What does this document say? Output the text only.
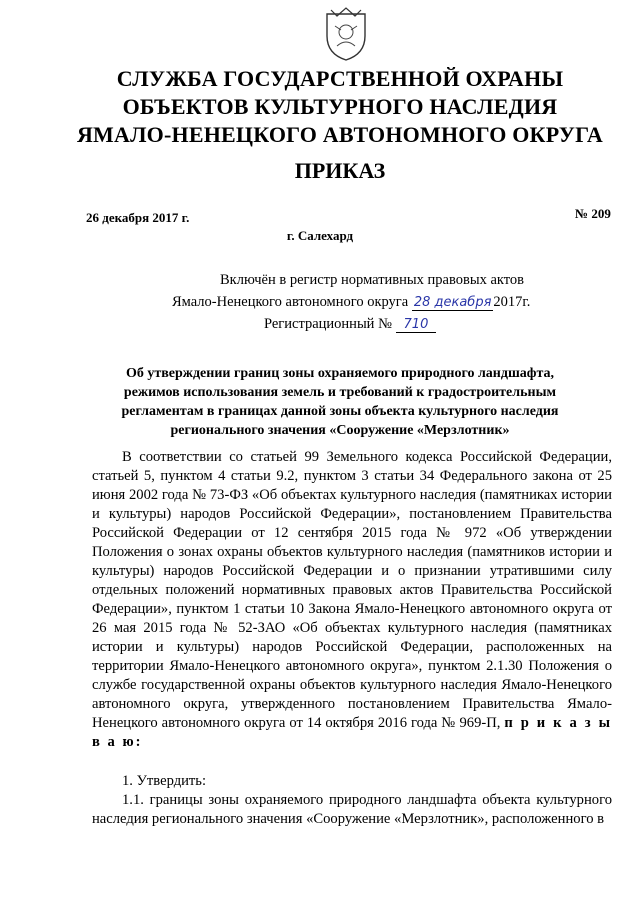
СЛУЖБА ГОСУДАРСТВЕННОЙ ОХРАНЫ
ОБЪЕКТОВ КУЛЬТУРНОГО НАСЛЕДИЯ
ЯМАЛО-НЕНЕЦКОГО АВТОНОМНОГО ОКРУГА
ПРИКАЗ
26 декабря 2017 г.	№ 209
г. Салехард
Включён в регистр нормативных правовых актов
Ямало-Ненецкого автономного округа 28 декабря 2017г.
Регистрационный № 710
Об утверждении границ зоны охраняемого природного ландшафта,
режимов использования земель и требований к градостроительным
регламентам в границах данной зоны объекта культурного наследия
регионального значения «Сооружение «Мерзлотник»

В соответствии со статьей 99 Земельного кодекса Российской Федерации, статьей 5, пунктом 4 статьи 9.2, пунктом 3 статьи 34 Федерального закона от 25 июня 2002 года № 73-ФЗ «Об объектах культурного наследия (памятниках истории и культуры) народов Российской Федерации», постановлением Правительства Российской Федерации от 12 сентября 2015 года № 972 «Об утверждении Положения о зонах охраны объектов культурного наследия (памятников истории и культуры) народов Российской Федерации и о признании утратившими силу отдельных положений нормативных правовых актов Правительства Российской Федерации», пунктом 1 статьи 10 Закона Ямало-Ненецкого автономного округа от 26 мая 2015 года № 52-ЗАО «Об объектах культурного наследия (памятниках истории и культуры) народов Российской Федерации, расположенных на территории Ямало-Ненецкого автономного округа», пунктом 2.1.30 Положения о службе государственной охраны объектов культурного наследия Ямало-Ненецкого автономного округа, утвержденного постановлением Правительства Ямало-Ненецкого автономного округа от 14 октября 2016 года № 969-П, п р и к а з ы в а ю:

1. Утвердить:

1.1. границы зоны охраняемого природного ландшафта объекта культурного наследия регионального значения «Сооружение «Мерзлотник», расположенного в
